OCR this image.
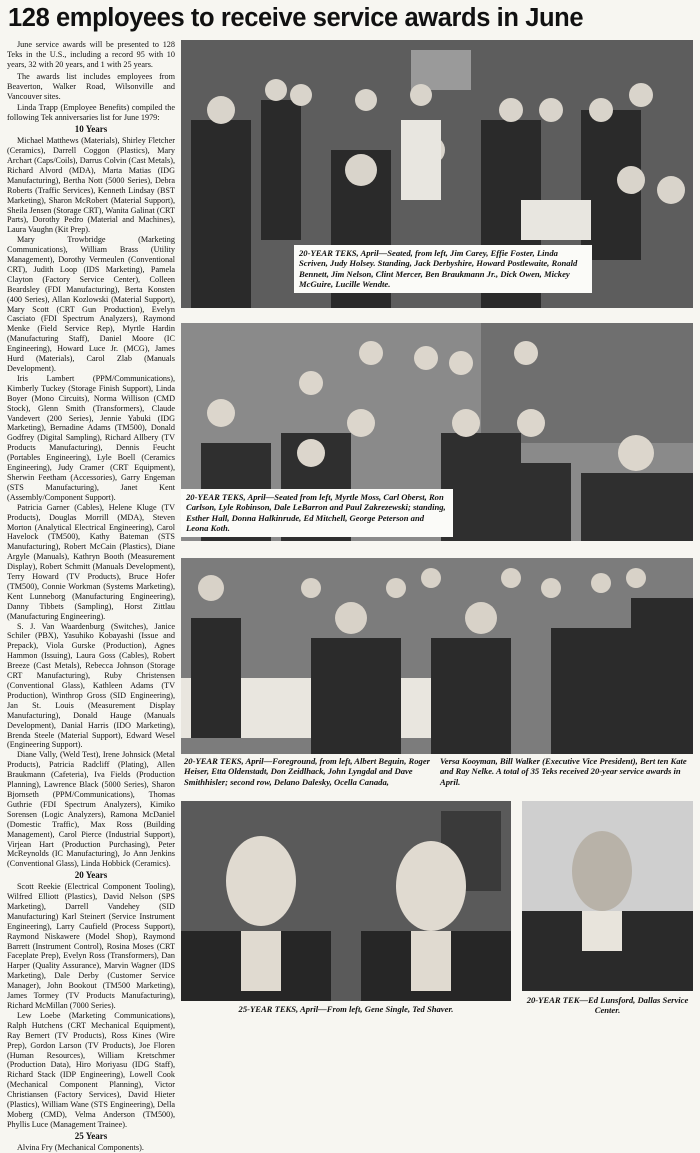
128 employees to receive service awards in June

June service awards will be presented to 128 Teks in the U.S., including a record 95 with 10 years, 32 with 20 years, and 1 with 25 years.

The awards list includes employees from Beaverton, Walker Road, Wilsonville and Vancouver sites.

Linda Trapp (Employee Benefits) compiled the following Tek anniversaries list for June 1979:

10 Years

Michael Matthews (Materials), Shirley Fletcher (Ceramics), Darrell Coggon (Plastics), Mary Archart (Caps/Coils), Darrus Colvin (Cast Metals), Richard Alvord (MDA), Marta Matias (IDG Manufacturing), Bertha Nott (5000 Series), Debra Roberts (Traffic Services), Kenneth Lindsay (BST Marketing), Sharon McRobert (Material Support), Sheila Jensen (Storage CRT), Wanita Galinat (CRT Parts), Dorothy Pedro (Material and Machines), Laura Vaughn (Kit Prep).

Mary Trowbridge (Marketing Communications), William Brass (Utility Management), Dorothy Vermeulen (Conventional CRT), Judith Loop (IDS Marketing), Pamela Clayton (Factory Service Center), Colleen Beardsley (FDI Manufacturing), Berta Konsten (400 Series), Allan Kozlowski (Material Support), Mary Scott (CRT Gun Production), Evelyn Casciato (FDI Spectrum Analyzers), Raymond Menke (Field Service Rep), Myrtle Hardin (Manufacturing Staff), Daniel Moore (IC Engineering), Howard Luce Jr. (MCG), James Hurd (Materials), Carol Zlab (Manuals Development).

Iris Lambert (PPM/Communications), Kimberly Tuckey (Storage Finish Support), Linda Boyer (Mono Circuits), Norma Willison (CMD Stock), Glenn Smith (Transformers), Claude Vandevert (200 Series), Jennie Yabuki (IDG Marketing), Bernadine Adams (TM500), Donald Godfrey (Digital Sampling), Richard Allbery (TV Products Manufacturing), Dennis Feucht (Portables Engineering), Lyle Boell (Ceramics Engineering), Judy Cramer (CRT Equipment), Sherwin Feetham (Accessories), Garry Engeman (STS Manufacturing), Janet Kent (Assembly/Component Support).

Patricia Garner (Cables), Helene Kluge (TV Products), Douglas Morrill (MDA), Steven Morton (Analytical Electrical Engineering), Carol Havelock (TM500), Kathy Bateman (STS Manufacturing), Robert McCain (Plastics), Diane Argyle (Manuals), Kathryn Booth (Measurement Display), Robert Schmitt (Manuals Development), Terry Howard (TV Products), Bruce Hofer (TM500), Connie Workman (Systems Marketing), Kent Lunneborg (Manufacturing Engineering), Danny Tibbets (Sampling), Horst Zittlau (Manufacturing Engineering).

S. J. Van Waardenburg (Switches), Janice Schiler (PBX), Yasuhiko Kobayashi (Issue and Prepack), Viola Gurske (Production), Agnes Hammon (Issuing), Laura Goss (Cables), Robert Breeze (Cast Metals), Rebecca Johnson (Storage CRT Manufacturing), Ruby Christensen (Conventional Glass), Kathleen Adams (TV Production), Winthrop Gross (SID Engineering), Jan St. Louis (Measurement Display Manufacturing), Donald Hauge (Manuals Development), Danial Harris (IDO Marketing), Brenda Steele (Material Support), Edward Wesel (Engineering Support).

Diane Vally, (Weld Test), Irene Johnsick (Metal Products), Patricia Radcliff (Plating), Allen Braukmann (Cafeteria), Iva Fields (Production Planning), Lawrence Black (5000 Series), Sharon Bjornseth (PPM/Communications), Thomas Guthrie (FDI Spectrum Analyzers), Kimiko Sorensen (Logic Analyzers), Ramona McDaniel (Domestic Traffic), Max Ross (Building Management), Carol Pierce (Industrial Support), Virjean Hart (Production Purchasing), Peter McReynolds (IC Manufacturing), Jo Ann Jenkins (Conventional Glass), Linda Hobbick (Ceramics).

20 Years

Scott Reekie (Electrical Component Tooling), Wilfred Elliott (Plastics), David Nelson (SPS Marketing), Darrell Vandehey (SID Manufacturing) Karl Steinert (Service Instrument Engineering), Larry Caufield (Process Support), Raymond Niskawere (Model Shop), Raymond Barrett (Instrument Control), Rosina Moses (CRT Faceplate Prep), Evelyn Ross (Transformers), Dan Harper (Quality Assurance), Marvin Wagner (IDS Marketing), Dale Derby (Customer Service Manager), John Bookout (TM500 Marketing), James Tormey (TV Products Manufacturing), Richard McMillan (7000 Series).

Lew Loebe (Marketing Communications), Ralph Hutchens (CRT Mechanical Equipment), Ray Bernert (TV Products), Ross Kines (Wire Prep), Gordon Larson (TV Products), Joe Floren (Human Resources), William Kretschmer (Production Data), Hiro Moriyasu (IDG Staff), Richard Stack (IDP Engineering), Lowell Cook (Mechanical Component Planning), Victor Christiansen (Factory Services), David Hieter (Plastics), William Wane (STS Engineering), Della Moberg (CMD), Velma Anderson (TM500), Phyllis Luce (Management Trainee).

25 Years

Alvina Fry (Mechanical Components).

20-YEAR TEKS, April—Seated, from left, Jim Carey, Effie Foster, Linda Scriven, Judy Holsey. Standing, Jack Derbyshire, Howard Postlewaite, Ronald Bennett, Jim Nelson, Clint Mercer, Ben Braukmann Jr., Dick Owen, Mickey McGuire, Lucille Wendte.
20-YEAR TEKS, April—Seated from left, Myrtle Moss, Carl Oberst, Ron Carlson, Lyle Robinson, Dale LeBarron and Paul Zakrezewski; standing, Esther Hall, Donna Halkinrude, Ed Mitchell, George Peterson and Leona Koth.
20-YEAR TEKS, April—Foreground, from left, Albert Beguin, Roger Heiser, Etta Oldenstadt, Don Zeidlhack, John Lyngdal and Dave Smithhisler; second row, Delano Dalesky, Ocella Canada,
Versa Kooyman, Bill Walker (Executive Vice President), Bert ten Kate and Ray Nelke. A total of 35 Teks received 20-year service awards in April.
25-YEAR TEKS, April—From left, Gene Single, Ted Shaver.
20-YEAR TEK—Ed Lunsford, Dallas Service Center.
